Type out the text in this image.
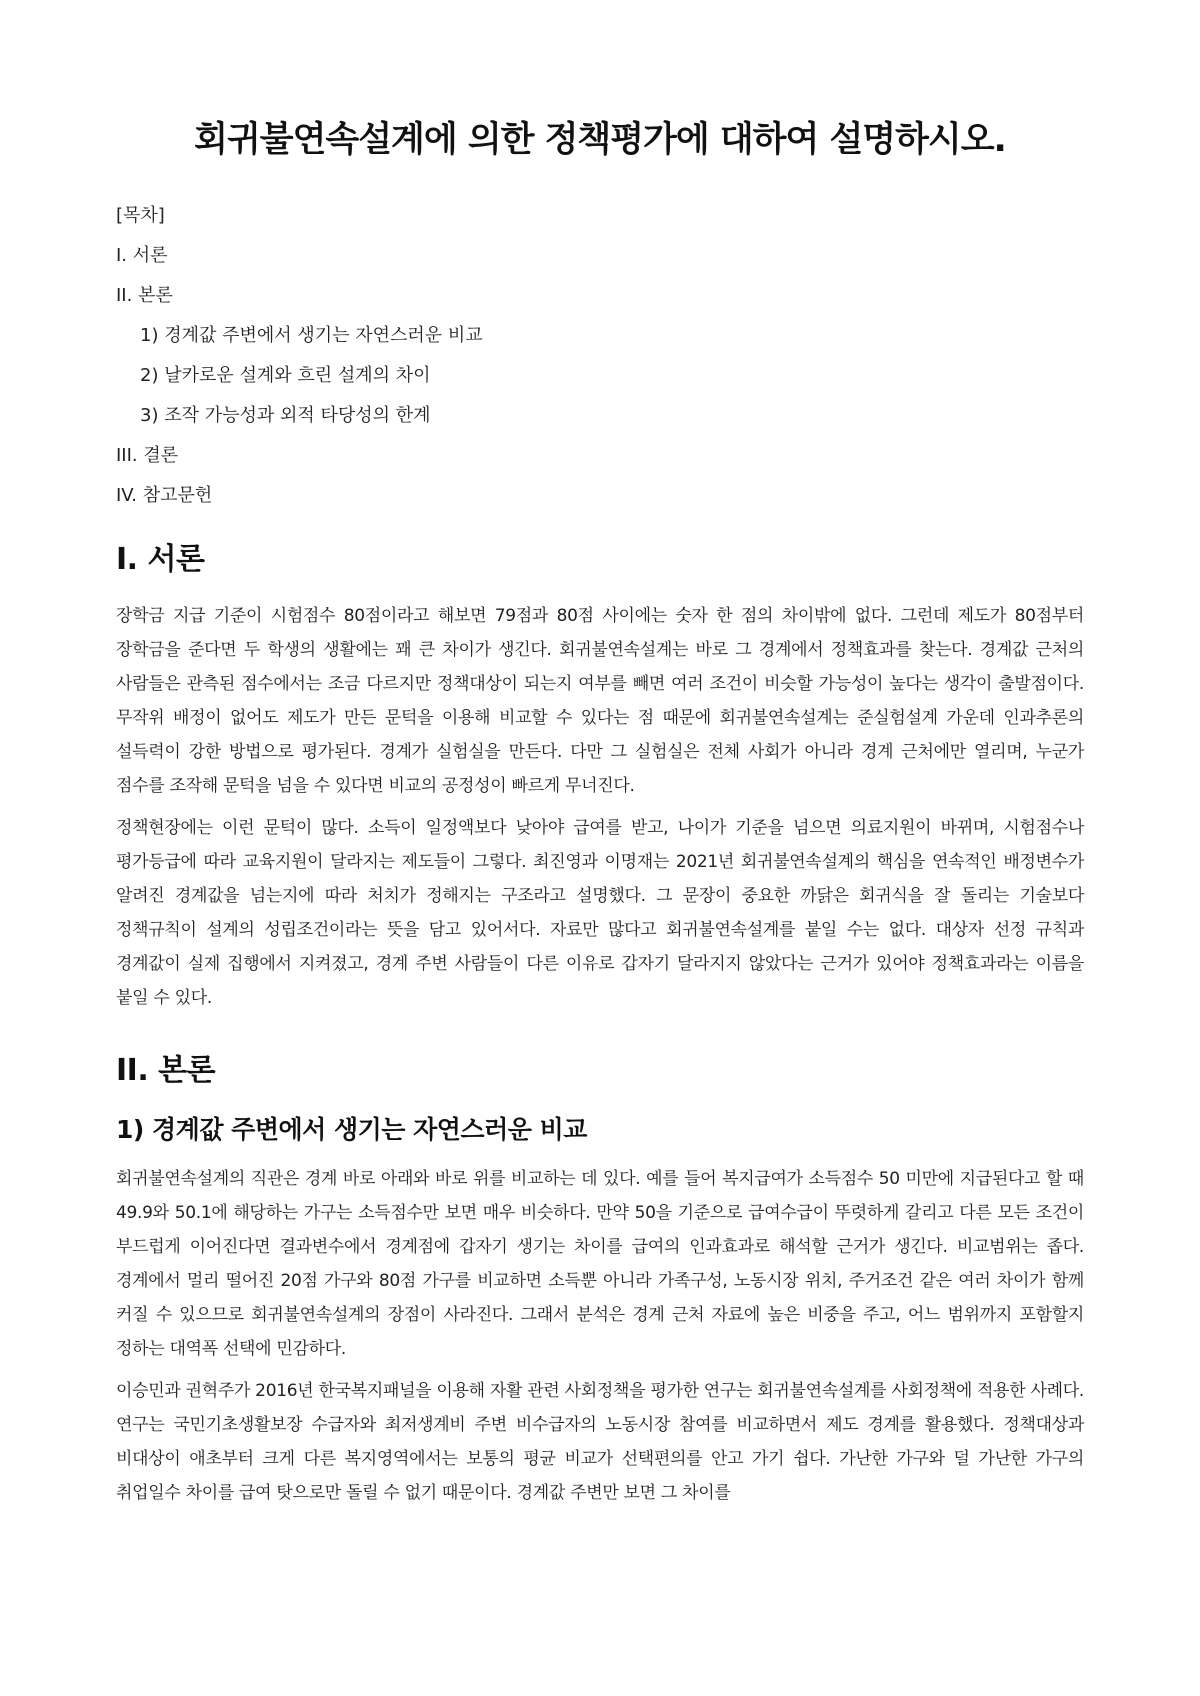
회귀불연속설계에 의한 정책평가에 대하여 설명하시오.
[목차]
I. 서론
II. 본론
1) 경계값 주변에서 생기는 자연스러운 비교
2) 날카로운 설계와 흐린 설계의 차이
3) 조작 가능성과 외적 타당성의 한계
III. 결론
IV. 참고문헌
I. 서론

장학금 지급 기준이 시험점수 80점이라고 해보면 79점과 80점 사이에는 숫자 한 점의 차이밖에 없다. 그런데 제도가 80점부터 장학금을 준다면 두 학생의 생활에는 꽤 큰 차이가 생긴다. 회귀불연속설계는 바로 그 경계에서 정책효과를 찾는다. 경계값 근처의 사람들은 관측된 점수에서는 조금 다르지만 정책대상이 되는지 여부를 빼면 여러 조건이 비슷할 가능성이 높다는 생각이 출발점이다. 무작위 배정이 없어도 제도가 만든 문턱을 이용해 비교할 수 있다는 점 때문에 회귀불연속설계는 준실험설계 가운데 인과추론의 설득력이 강한 방법으로 평가된다. 경계가 실험실을 만든다. 다만 그 실험실은 전체 사회가 아니라 경계 근처에만 열리며, 누군가 점수를 조작해 문턱을 넘을 수 있다면 비교의 공정성이 빠르게 무너진다.

정책현장에는 이런 문턱이 많다. 소득이 일정액보다 낮아야 급여를 받고, 나이가 기준을 넘으면 의료지원이 바뀌며, 시험점수나 평가등급에 따라 교육지원이 달라지는 제도들이 그렇다. 최진영과 이명재는 2021년 회귀불연속설계의 핵심을 연속적인 배정변수가 알려진 경계값을 넘는지에 따라 처치가 정해지는 구조라고 설명했다. 그 문장이 중요한 까닭은 회귀식을 잘 돌리는 기술보다 정책규칙이 설계의 성립조건이라는 뜻을 담고 있어서다. 자료만 많다고 회귀불연속설계를 붙일 수는 없다. 대상자 선정 규칙과 경계값이 실제 집행에서 지켜졌고, 경계 주변 사람들이 다른 이유로 갑자기 달라지지 않았다는 근거가 있어야 정책효과라는 이름을 붙일 수 있다.

II. 본론
1) 경계값 주변에서 생기는 자연스러운 비교

회귀불연속설계의 직관은 경계 바로 아래와 바로 위를 비교하는 데 있다. 예를 들어 복지급여가 소득점수 50 미만에 지급된다고 할 때 49.9와 50.1에 해당하는 가구는 소득점수만 보면 매우 비슷하다. 만약 50을 기준으로 급여수급이 뚜렷하게 갈리고 다른 모든 조건이 부드럽게 이어진다면 결과변수에서 경계점에 갑자기 생기는 차이를 급여의 인과효과로 해석할 근거가 생긴다. 비교범위는 좁다. 경계에서 멀리 떨어진 20점 가구와 80점 가구를 비교하면 소득뿐 아니라 가족구성, 노동시장 위치, 주거조건 같은 여러 차이가 함께 커질 수 있으므로 회귀불연속설계의 장점이 사라진다. 그래서 분석은 경계 근처 자료에 높은 비중을 주고, 어느 범위까지 포함할지 정하는 대역폭 선택에 민감하다.

이승민과 권혁주가 2016년 한국복지패널을 이용해 자활 관련 사회정책을 평가한 연구는 회귀불연속설계를 사회정책에 적용한 사례다. 연구는 국민기초생활보장 수급자와 최저생계비 주변 비수급자의 노동시장 참여를 비교하면서 제도 경계를 활용했다. 정책대상과 비대상이 애초부터 크게 다른 복지영역에서는 보통의 평균 비교가 선택편의를 안고 가기 쉽다. 가난한 가구와 덜 가난한 가구의 취업일수 차이를 급여 탓으로만 돌릴 수 없기 때문이다. 경계값 주변만 보면 그 차이를
